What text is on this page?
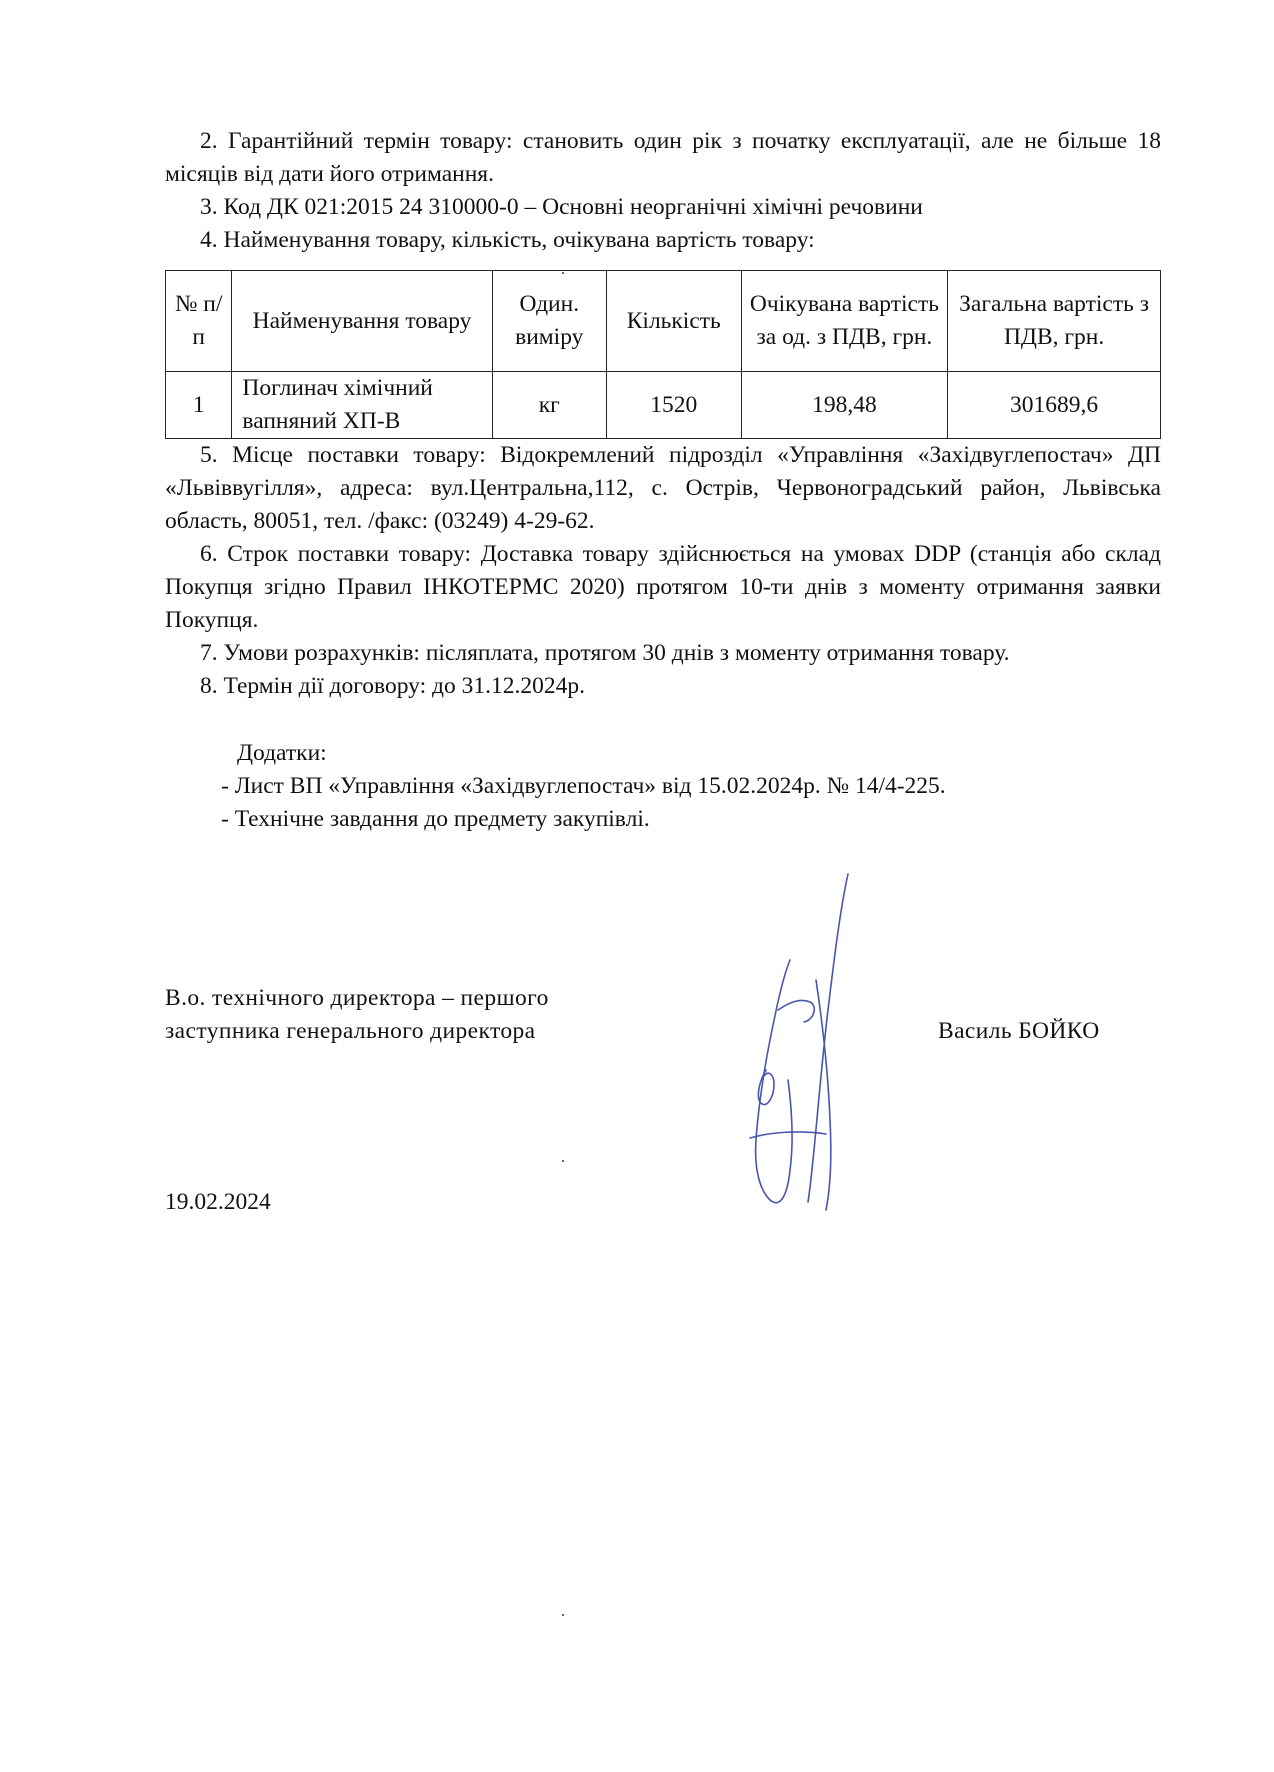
2. Гарантійний термін товару: становить один рік з початку експлуатації, але не більше 18 місяців від дати його отримання.

3. Код ДК 021:2015 24 310000-0 – Основні неорганічні хімічні речовини

4. Найменування товару, кількість, очікувана вартість товару:

№ п/п	Найменування товару	Один. виміру	Кількість	Очікувана вартість за од. з ПДВ, грн.	Загальна вартість з ПДВ, грн.
1	Поглинач хімічний вапняний ХП-В	кг	1520	198,48	301689,6

5. Місце поставки товару: Відокремлений підрозділ «Управління «Західвуглепостач» ДП «Львіввугілля», адреса: вул.Центральна,112, с. Острів, Червоноградський район, Львівська область, 80051, тел. /факс: (03249) 4-29-62.

6. Строк поставки товару: Доставка товару здійснюється на умовах DDP (станція або склад Покупця згідно Правил ІНКОТЕРМС 2020) протягом 10-ти днів з моменту отримання заявки Покупця.

7. Умови розрахунків: післяплата, протягом 30 днів з моменту отримання товару.

8. Термін дії договору: до 31.12.2024р.

Додатки:

- Лист ВП «Управління «Західвуглепостач» від 15.02.2024р. № 14/4-225.

- Технічне завдання до предмету закупівлі.

В.о. технічного директора – першого

заступника генерального директора	Василь БОЙКО
19.02.2024
